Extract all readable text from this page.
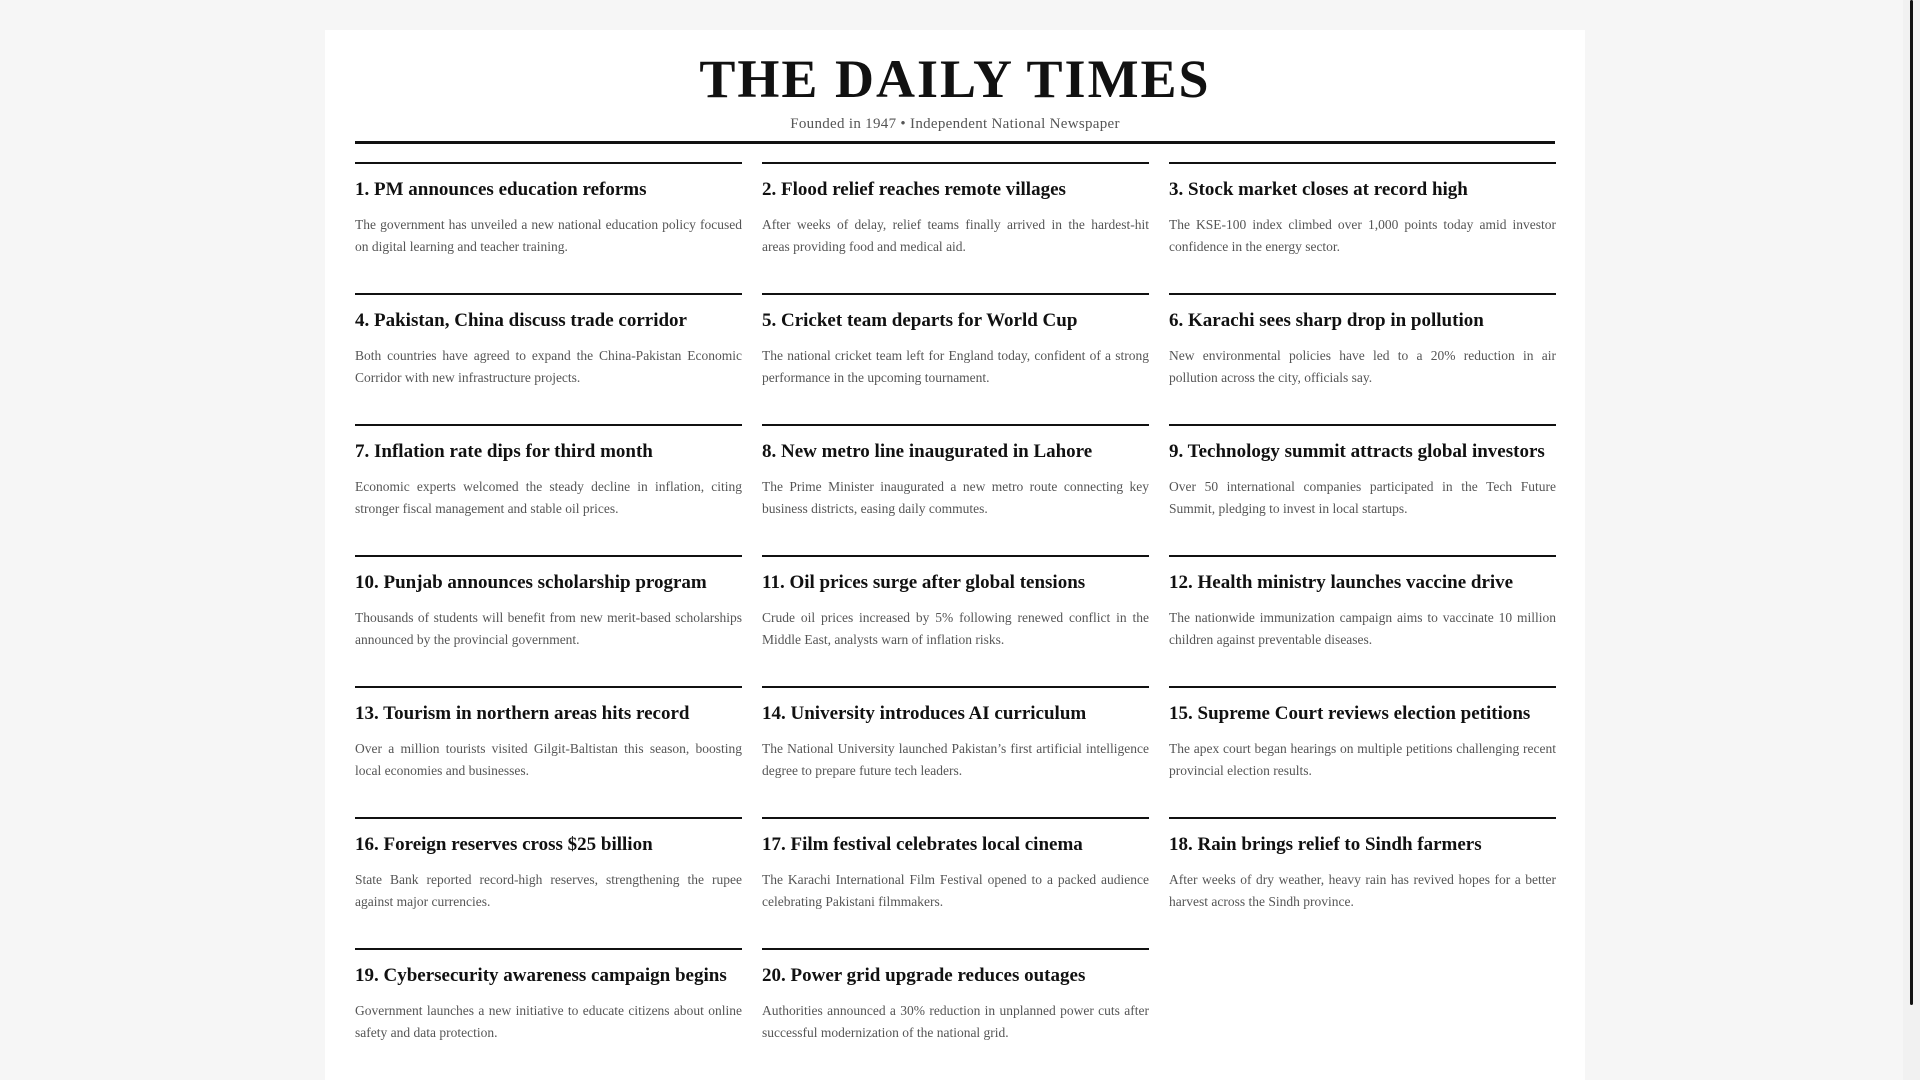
THE DAILY TIMES
Founded in 1947 • Independent National Newspaper
1. PM announces education reforms

The government has unveiled a new national education policy focused on digital learning and teacher training.

2. Flood relief reaches remote villages

After weeks of delay, relief teams finally arrived in the hardest-hit areas providing food and medical aid.

3. Stock market closes at record high

The KSE-100 index climbed over 1,000 points today amid investor confidence in the energy sector.

4. Pakistan, China discuss trade corridor

Both countries have agreed to expand the China-Pakistan Economic Corridor with new infrastructure projects.

5. Cricket team departs for World Cup

The national cricket team left for England today, confident of a strong performance in the upcoming tournament.

6. Karachi sees sharp drop in pollution

New environmental policies have led to a 20% reduction in air pollution across the city, officials say.

7. Inflation rate dips for third month

Economic experts welcomed the steady decline in inflation, citing stronger fiscal management and stable oil prices.

8. New metro line inaugurated in Lahore

The Prime Minister inaugurated a new metro route connecting key business districts, easing daily commutes.

9. Technology summit attracts global investors

Over 50 international companies participated in the Tech Future Summit, pledging to invest in local startups.

10. Punjab announces scholarship program

Thousands of students will benefit from new merit-based scholarships announced by the provincial government.

11. Oil prices surge after global tensions

Crude oil prices increased by 5% following renewed conflict in the Middle East, analysts warn of inflation risks.

12. Health ministry launches vaccine drive

The nationwide immunization campaign aims to vaccinate 10 million children against preventable diseases.

13. Tourism in northern areas hits record

Over a million tourists visited Gilgit-Baltistan this season, boosting local economies and businesses.

14. University introduces AI curriculum

The National University launched Pakistan’s first artificial intelligence degree to prepare future tech leaders.

15. Supreme Court reviews election petitions

The apex court began hearings on multiple petitions challenging recent provincial election results.

16. Foreign reserves cross $25 billion

State Bank reported record-high reserves, strengthening the rupee against major currencies.

17. Film festival celebrates local cinema

The Karachi International Film Festival opened to a packed audience celebrating Pakistani filmmakers.

18. Rain brings relief to Sindh farmers

After weeks of dry weather, heavy rain has revived hopes for a better harvest across the Sindh province.

19. Cybersecurity awareness campaign begins

Government launches a new initiative to educate citizens about online safety and data protection.

20. Power grid upgrade reduces outages

Authorities announced a 30% reduction in unplanned power cuts after successful modernization of the national grid.
